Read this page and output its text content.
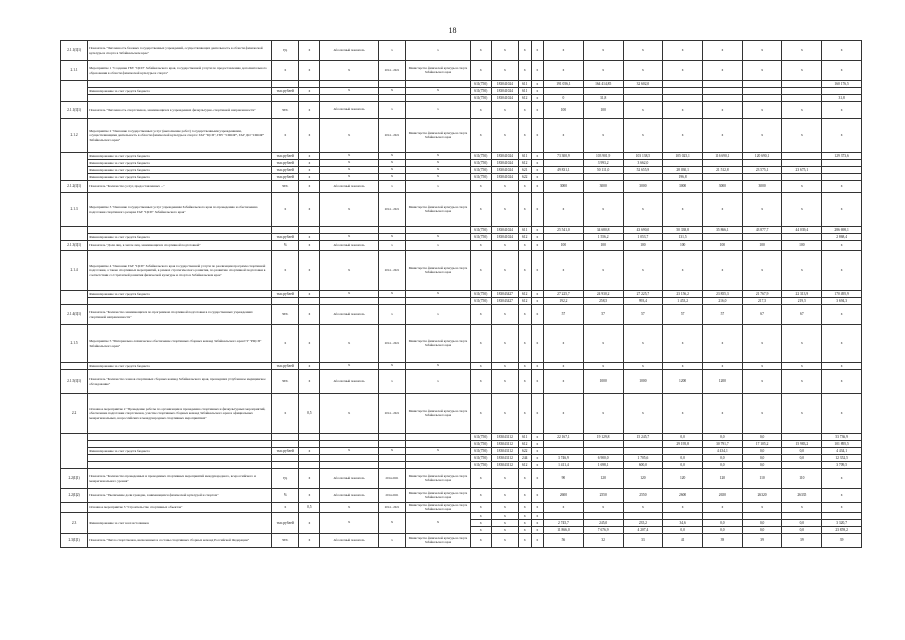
18
2.1.1(Ц1)	Показатель "Численность базовых государственных учреждений, осуществляющих деятельность в области физической культуры и спорта в Забайкальском крае"	ед.	х	Абсолютный показатель	х	х	х	х	х	х	х	х	х	х	х	х	х	х
2.1.1	Мероприятие 1 "Создание ГБУ "ЦСП" Забайкальского края, государственной услуги по предоставлению дополнительного образования в области физической культуры и спорта"	х	х	Х	2014 - 2021	Министерство физической культуры и спорта Забайкальского края	х	х	х	х	х	х	х	х	х	х	х	х
							611(750)	183041024	611	х	191 056,1	164 414,85	32 602,0					160 176,5
	Финансирование за счет средств бюджета	тыс.рублей	х	Х	Х	Х	611(750)	183041024	611	х								
							611(750)	183041024	612	х	0	31,8						31,8
2.1.1(Ц1)	Показатель "Численность спортсменов, занимающихся в учреждениях физкультурно-спортивной направленности"	чел.	х	Абсолютный показатель	х	х	х	х	х	х	100	100	х	х	х	х	х	х
2.1.2	Мероприятие 2 "Оказание государственных услуг (выполнение работ) государственными учреждениями, осуществляющими деятельность в области физической культуры и спорта: ГАУ "ЦСП", ГБУ "СШОР", ГАУ ДО "СШОР" Забайкальского края"	х	х	Х	2014 - 2021	Министерство физической культуры и спорта Забайкальского края	х	х	х	х	х	х	х	х	х	х	х	х
	Финансирование за счет средств бюджета	тыс.рублей	х	Х	Х	Х	611(750)	183041024	611	х	73 300,9	103 901,9	103 138,5	105 025,1	116 690,1	120 690,1		129 373,6
	Финансирование за счет средств бюджета	тыс.рублей	х	Х	Х	Х	611(750)	183041024	612	х		3 993,2	3 662,0					
	Финансирование за счет средств бюджета	тыс.рублей	х	Х	Х	Х	611(750)	183041024	621	х	49 831,1	50 111,0	52 655,9	28 030,1	21 512,8	23 575,1	23 675,1	
	Финансирование за счет средств бюджета	тыс.рублей	х	Х	Х	Х	611(750)	183041024	622	х				196,8				
2.1.2(Ц1)	Показатель "Количество услуг, предоставленных ..."	чел.	х	Абсолютный показатель	х	х	х	х	х	х	3000	3000	3000	3000	3000	3000	х	х
2.1.3	Мероприятие 3 "Оказание государственных услуг учреждениям Забайкальского края по проведению и обеспечению подготовки спортивного резерва ГАУ "ЦСП" Забайкальского края"	х	х	Х	2014 - 2021	Министерство физической культуры и спорта Забайкальского края	х	х	х	х	х	х	х	х	х	х	х	х
							611(750)	183041024	611	х	25 541,0	34 680,8	43 690,0	50 338,8	35 866,1	43 877,7	44 039,4	286 698,1
	Финансирование за счет средств бюджета	тыс.рублей	х	Х	Х	Х	611(750)	183041024	612	х		1 556,2	1 053,7	131,5				2 868,4
2.1.3(Ц1)	Показатель "Доля лиц, в числе лиц, занимающихся спортивной подготовкой"	%	х	Абсолютный показатель	х	х	х	х	х	х	100	100	100	100	100	100	100	х
2.1.4	Мероприятие 4 "Оказание ГАУ "ЦСП" Забайкальского края государственной услуги по реализации программ спортивной подготовки, а также спортивных мероприятий, в рамках стратегического развития, по развитию спортивной подготовки в соответствии со Стратегией развития физической культуры и спорта в Забайкальском крае"	х	х	Х	2014 - 2021	Министерство физической культуры и спорта Забайкальского края	х	х	х	х	х	х	х	х	х	х	х	х
	Финансирование за счет средств бюджета	тыс.рублей	х	Х	Х	Х	611(750)	183043427	612	х	27 225,7	24 930,2	27 225,7	23 156,2	23 855,3	21 767,9	22 313,9	170 495,9
							611(750)	183043427	612	х	192,2	258,5	993,4	1 453,2	216,0	217,5	219,5	3 694,3
2.1.4(Ц1)	Показатель "Количество занимающихся по программам спортивной подготовки в государственных учреждениях спортивной направленности"	чел.	х	Абсолютный показатель	х	х	х	х	х	х	57	57	57	57	57	67	67	х
2.1.5	Мероприятие 5 "Материально-техническое обеспечение спортивных сборных команд Забайкальского края ГУ "РЦСП" Забайкальского края"	х	х	Х	2014 - 2021	Министерство физической культуры и спорта Забайкальского края	х	х	х	х	х	х	х	х	х	х	х	х
	Финансирование за счет средств бюджета	тыс.рублей	х	Х	Х	Х	х	х	х	х	х	х	х	х	х	х	х	х
2.1.5(Ц1)	Показатель "Количество членов спортивных сборных команд Забайкальского края, прошедших углубленное медицинское обследование"	чел.	х	Абсолютный показатель	х	х	х	х	х	х	х	1000	1000	1200	1200	х	х	х
2.2	Основное мероприятие 2 "Проведение работы по организации и проведению спортивных и физкультурных мероприятий, обеспечение подготовки спортсменов, участие спортивных сборных команд Забайкальского края в официальных межрегиональных, всероссийских и международных спортивных мероприятиях"	х	0,5	Х	2014 - 2021	Министерство физической культуры и спорта Забайкальского края	х	х	х	х	х	х	х	х	х	х	х	х
							611(750)	183043112	611	х	22 167,1	19 129,8	15 245,7	0,0	0,0	0,0		53 736,9
							611(750)	183043112	612	х				29 195,8	30 791,7	17 105,2	15 983,2	101 895,5
	Финансирование за счет средств бюджета	тыс.рублей	х	Х	Х	Х	611(750)	183043112	622	х					4 434,1	0,0	0,0	4 434,1
							611(750)	183043112	244	х	3 746,9	6 900,0	1 705,6	0,0	0,0	0,0	0,0	12 352,5
							611(750)	183043112	612	х	1 411,4	1 698,1	600,0	0,0	0,0	0,0		3 709,5
2.2(Ц1)	Показатель "Количество проведенных и проводимых спортивных мероприятий международного, всероссийского и межрегионального уровня"	ед.	х	Абсолютный показатель	2014-2021	Министерство физической культуры и спорта Забайкальского края	х	х	х	х	90	120	120	120	120	110	110	х
2.2(Ц2)	Показатель "Увеличение доли граждан, занимающихся физической культурой и спортом"	%	х	Абсолютный показатель	2014-2021	Министерство физической культуры и спорта Забайкальского края	х	х	х	х	2600	2550	2550	2600	2650	26320	26335	х
	Основное мероприятие 3 "Строительство спортивных объектов"	х	0,5	Х	2014 - 2021	Министерство физической культуры и спорта Забайкальского края	х	х	х	х	х	х	х	х	х	х	х	х
2.3	Финансирование за счет всех источников	тыс.рублей	х	Х	Х	Х	х	х	х	х								
							х	х	х	х	2 745,7	245,0	235,2	34,6	0,0	0,0	0,0	3 320,7
							х	х	х	х	11 866,0	7 676,9	4 207,4	0,0	0,0	0,0	0,0	23 859,2
2.3(Ц1)	Показатель "Число спортсменов, включенных в составы спортивных сборных команд Российской Федерации"	чел.	х	Абсолютный показатель	х	Министерство физической культуры и спорта Забайкальского края	х	х	х	х	56	32	33	41	39	39	39	39
